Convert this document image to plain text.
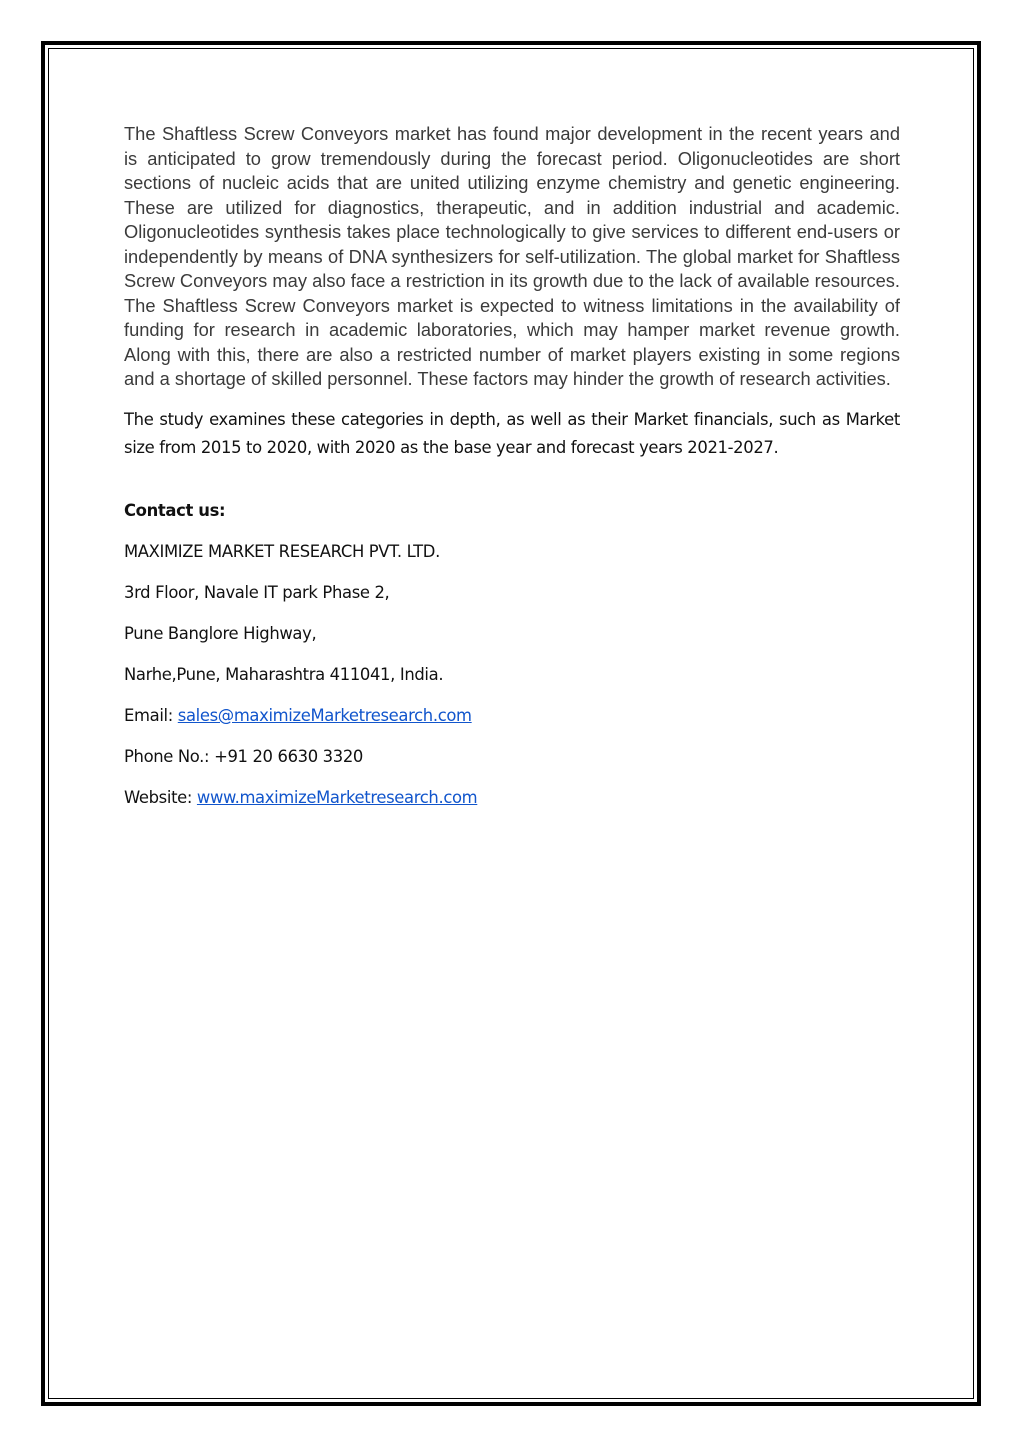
The Shaftless Screw Conveyors market has found major development in the recent years and is anticipated to grow tremendously during the forecast period. Oligonucleotides are short sections of nucleic acids that are united utilizing enzyme chemistry and genetic engineering. These are utilized for diagnostics, therapeutic, and in addition industrial and academic. Oligonucleotides synthesis takes place technologically to give services to different end-users or independently by means of DNA synthesizers for self-utilization. The global market for Shaftless Screw Conveyors may also face a restriction in its growth due to the lack of available resources. The Shaftless Screw Conveyors market is expected to witness limitations in the availability of funding for research in academic laboratories, which may hamper market revenue growth. Along with this, there are also a restricted number of market players existing in some regions and a shortage of skilled personnel. These factors may hinder the growth of research activities.

The study examines these categories in depth, as well as their Market financials, such as Market size from 2015 to 2020, with 2020 as the base year and forecast years 2021-2027.

Contact us:

MAXIMIZE MARKET RESEARCH PVT. LTD.

3rd Floor, Navale IT park Phase 2,

Pune Banglore Highway,

Narhe,Pune, Maharashtra 411041, India.

Email: sales@maximizeMarketresearch.com

Phone No.: +91 20 6630 3320

Website: www.maximizeMarketresearch.com
